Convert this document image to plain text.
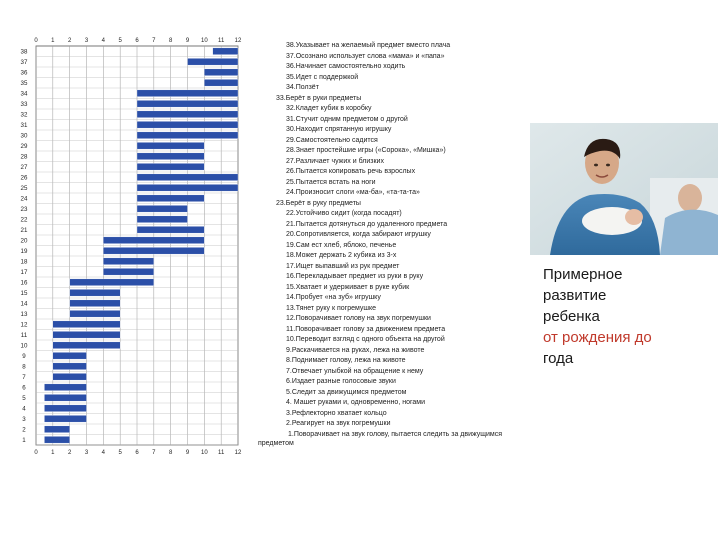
0
0
1
1
2
2
3
3
4
4
5
5
6
6
7
7
8
8
9
9
10
10
11
11
12
12
38
37
36
35
34
33
32
31
30
29
28
27
26
25
24
23
22
21
20
19
18
17
16
15
14
13
12
11
10
9
8
7
6
5
4
3
2
1
38.Указывает на желаемый предмет вместо плача
37.Осознано использует слова «мама» и «папа»
36.Начинает самостоятельно ходить
35.Идет с поддержкой
34.Ползёт
33.Берёт в руки предметы
32.Кладет кубик в коробку
31.Стучит одним предметом о другой
30.Находит спрятанную игрушку
29.Самостоятельно садится
28.Знает простейшие игры («Сорока», «Мишка»)
27.Различает чужих и близких
26.Пытается копировать речь взрослых
25.Пытается встать на ноги
24.Произносит слоги «ма-ба», «та-та-та»
23.Берёт в руку предметы
22.Устойчиво сидит (когда посадят)
21.Пытается дотянуться до удаленного предмета
20.Сопротивляется, когда забирают игрушку
19.Сам ест хлеб, яблоко, печенье
18.Может держать 2 кубика из 3-х
17.Ищет выпавший из рук предмет
16.Перекладывает предмет из руки в руку
15.Хватает и удерживает в руке кубик
14.Пробует «на зуб» игрушку
13.Тянет руку к погремушке
12.Поворачивает голову на звук погремушки
11.Поворачивает голову за движением предмета
10.Переводит взгляд с одного объекта на другой
9.Раскачивается на руках, лежа на животе
8.Поднимает голову, лежа на животе
7.Отвечает улыбкой на обращение к нему
6.Издает разные голосовые звуки
5.Следит за движущимся предметом
4. Машет руками и, одновременно, ногами
3.Рефлекторно хватает кольцо
2.Реагирует на звук погремушки
1.Поворачивает на звук голову, пытается следить за движущимся
предметом
Примерное
развитие
ребенка
от рождения до
года
